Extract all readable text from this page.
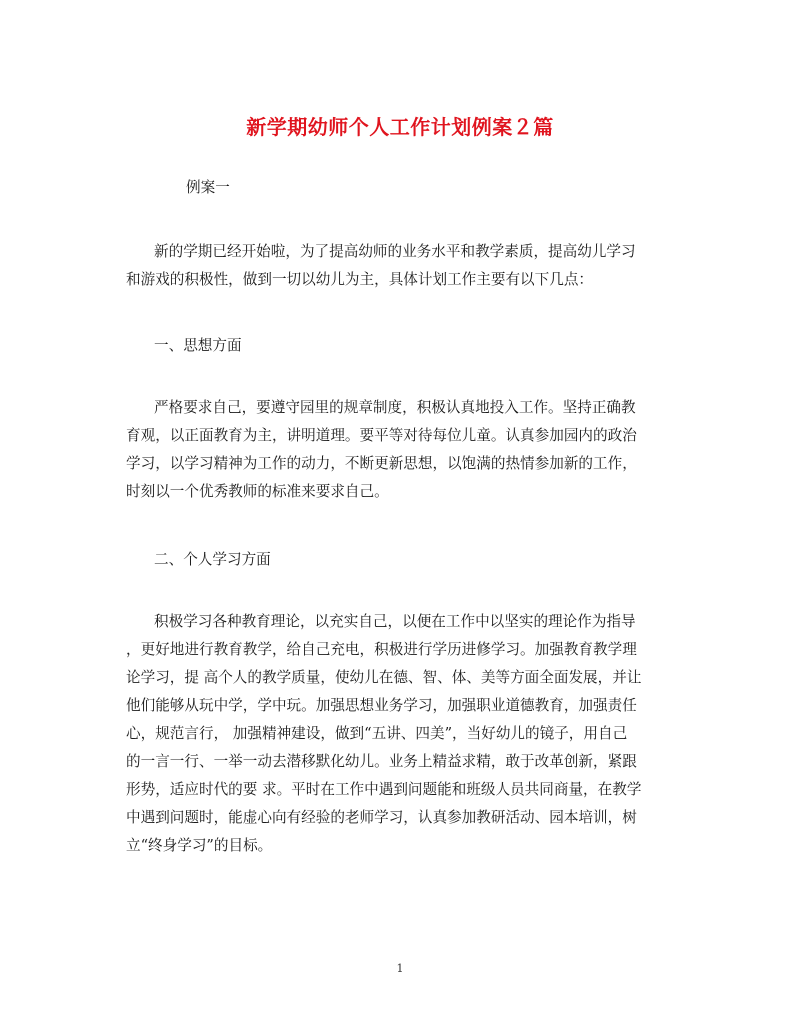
新学期幼师个人工作计划例案２篇
例案一
新的学期已经开始啦，为了提高幼师的业务水平和教学素质，提高幼儿学习
和游戏的积极性，做到一切以幼儿为主，具体计划工作主要有以下几点：
一、思想方面
严格要求自己，要遵守园里的规章制度，积极认真地投入工作。坚持正确教
育观，以正面教育为主，讲明道理。要平等对待每位儿童。认真参加园内的政治
学习，以学习精神为工作的动力，不断更新思想，以饱满的热情参加新的工作，
时刻以一个优秀教师的标准来要求自己。
二、个人学习方面
积极学习各种教育理论，以充实自己，以便在工作中以坚实的理论作为指导
，更好地进行教育教学，给自己充电，积极进行学历进修学习。加强教育教学理
论学习，提 高个人的教学质量，使幼儿在德、智、体、美等方面全面发展，并让
他们能够从玩中学，学中玩。加强思想业务学习，加强职业道德教育，加强责任
心，规范言行， 加强精神建设，做到“五讲、四美”，当好幼儿的镜子，用自己
的一言一行、一举一动去潜移默化幼儿。业务上精益求精，敢于改革创新，紧跟
形势，适应时代的要 求。平时在工作中遇到问题能和班级人员共同商量，在教学
中遇到问题时，能虚心向有经验的老师学习，认真参加教研活动、园本培训，树
立“终身学习”的目标。
1
